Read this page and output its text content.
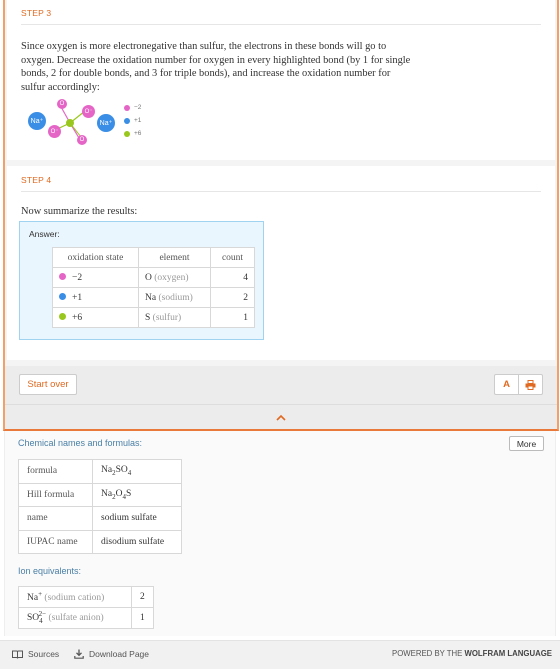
STEP 3
Since oxygen is more electronegative than sulfur, the electrons in these bonds will go to oxygen. Decrease the oxidation number for oxygen in every highlighted bond (by 1 for single bonds, 2 for double bonds, and 3 for triple bonds), and increase the oxidation number for sulfur accordingly:
O
O⁻
Na⁺
O⁻
Na⁺
O
−2
+1
+6
STEP 4
Now summarize the results:
Answer:
oxidation state	element	count
−2	O (oxygen)	4
+1	Na (sodium)	2
+6	S (sulfur)	1
Start over	A
Chemical names and formulas:	More
formula	$Na_2SO_4$
Hill formula	$Na_2O_4S$
name	sodium sulfate
IUPAC name	disodium sulfate
Ion equivalents:
Na+ (sodium cation)	2
$SO_4^{2-}$ (sulfate anion)	1
Sources	Download Page	POWERED BY THE WOLFRAM LANGUAGE
